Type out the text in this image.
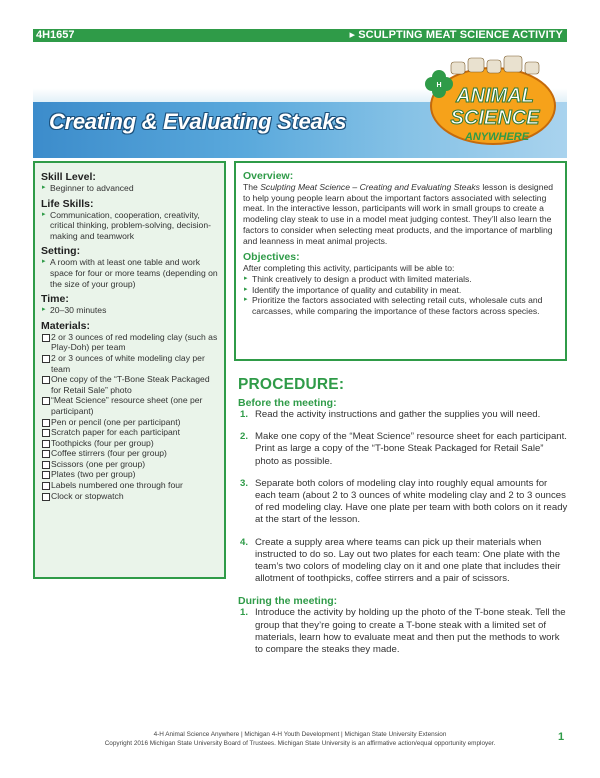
4H1657	▸ SCULPTING MEAT SCIENCE ACTIVITY
Creating & Evaluating Steaks
H ANIMAL
SCIENCE
ANYWHERE
Skill Level:
▸ Beginner to advanced
Life Skills:
▸ Communication, cooperation, creativity, critical thinking, problem-solving, decision-making and teamwork
Setting:
▸ A room with at least one table and work space for four or more teams (depending on the size of your group)
Time:
▸ 20–30 minutes
Materials:
2 or 3 ounces of red modeling clay (such as Play-Doh) per team
2 or 3 ounces of white modeling clay per team
One copy of the “T-Bone Steak Packaged for Retail Sale” photo
“Meat Science” resource sheet (one per participant)
Pen or pencil (one per participant)
Scratch paper for each participant
Toothpicks (four per group)
Coffee stirrers (four per group)
Scissors (one per group)
Plates (two per group)
Labels numbered one through four
Clock or stopwatch
Overview:
The Sculpting Meat Science – Creating and Evaluating Steaks lesson is designed to help young people learn about the important factors associated with selecting meat. In the interactive lesson, participants will work in small groups to create a modeling clay steak to use in a model meat judging contest. They’ll also learn the factors to consider when selecting meat products, and the importance of marbling and leanness in meat animal projects.
Objectives:
After completing this activity, participants will be able to:
▸ Think creatively to design a product with limited materials.
▸ Identify the importance of quality and cutability in meat.
▸ Prioritize the factors associated with selecting retail cuts, wholesale cuts and carcasses, while comparing the importance of these factors across species.
PROCEDURE:
Before the meeting:
1. Read the activity instructions and gather the supplies you will need.
2. Make one copy of the “Meat Science” resource sheet for each participant. Print as large a copy of the “T-bone Steak Packaged for Retail Sale” photo as possible.
3. Separate both colors of modeling clay into roughly equal amounts for each team (about 2 to 3 ounces of white modeling clay and 2 to 3 ounces of red modeling clay. Have one plate per team with both colors on it ready at the start of the lesson.
4. Create a supply area where teams can pick up their materials when instructed to do so. Lay out two plates for each team: One plate with the team’s two colors of modeling clay on it and one plate that includes their allotment of toothpicks, coffee stirrers and a pair of scissors.
During the meeting:
1. Introduce the activity by holding up the photo of the T-bone steak. Tell the group that they’re going to create a T-bone steak with a limited set of materials, learn how to evaluate meat and then put the methods to work to compare the steaks they made.
4-H Animal Science Anywhere | Michigan 4-H Youth Development | Michigan State University Extension
Copyright 2016 Michigan State University Board of Trustees. Michigan State University is an affirmative action/equal opportunity employer.
1
